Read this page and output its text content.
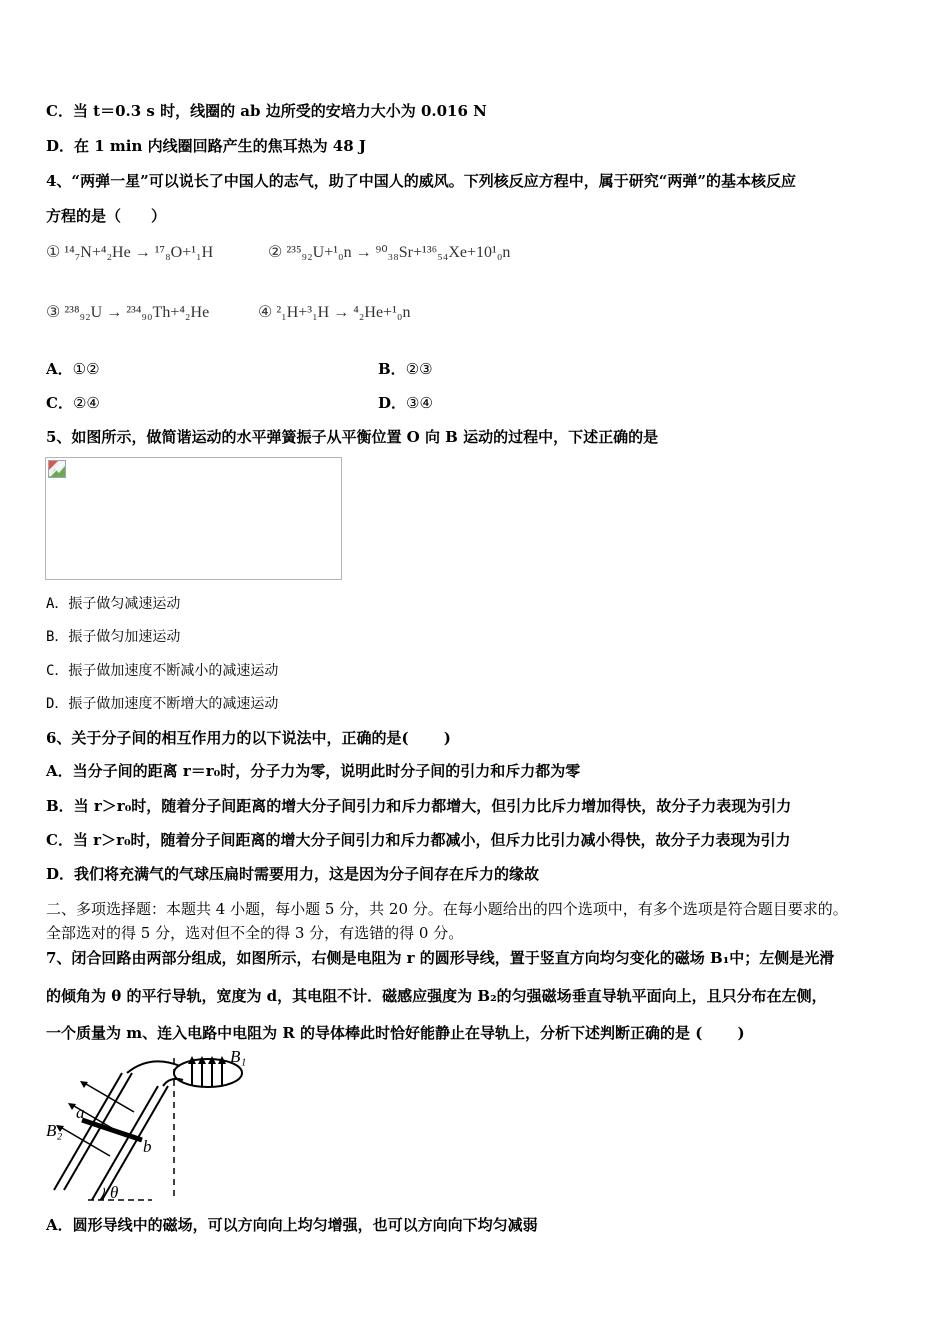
C．当 t＝0.3 s 时，线圈的 ab 边所受的安培力大小为 0.016 N
D．在 1 min 内线圈回路产生的焦耳热为 48 J
4、“两弹一星”可以说长了中国人的志气，助了中国人的威风。下列核反应方程中，属于研究“两弹”的基本核反应
方程的是（　　）
① ¹⁴₇N+⁴₂He → ¹⁷₈O+¹₁H	② ²³⁵₉₂U+¹₀n → ⁹⁰₃₈Sr+¹³⁶₅₄Xe+10¹₀n
③ ²³⁸₉₂U → ²³⁴₉₀Th+⁴₂He	④ ²₁H+³₁H → ⁴₂He+¹₀n
A．①②	B．②③
C．②④	D．③④
5、如图所示，做简谐运动的水平弹簧振子从平衡位置 O 向 B 运动的过程中，下述正确的是
A．振子做匀减速运动
B．振子做匀加速运动
C．振子做加速度不断减小的减速运动
D．振子做加速度不断增大的减速运动
6、关于分子间的相互作用力的以下说法中，正确的是(　　 )
A．当分子间的距离 r＝r₀时，分子力为零，说明此时分子间的引力和斥力都为零
B．当 r＞r₀时，随着分子间距离的增大分子间引力和斥力都增大，但引力比斥力增加得快，故分子力表现为引力
C．当 r＞r₀时，随着分子间距离的增大分子间引力和斥力都减小，但斥力比引力减小得快，故分子力表现为引力
D．我们将充满气的气球压扁时需要用力，这是因为分子间存在斥力的缘故
二、多项选择题：本题共 4 小题，每小题 5 分，共 20 分。在每小题给出的四个选项中，有多个选项是符合题目要求的。
全部选对的得 5 分，选对但不全的得 3 分，有选错的得 0 分。
7、闭合回路由两部分组成，如图所示，右侧是电阻为 r 的圆形导线，置于竖直方向均匀变化的磁场 B₁中；左侧是光滑
的倾角为 θ 的平行导轨，宽度为 d，其电阻不计．磁感应强度为 B₂的匀强磁场垂直导轨平面向上，且只分布在左侧，
一个质量为 m、连入电路中电阻为 R 的导体棒此时恰好能静止在导轨上，分析下述判断正确的是 (　　 )
B₁
B₂
a
b
θ
A．圆形导线中的磁场，可以方向向上均匀增强，也可以方向向下均匀减弱
